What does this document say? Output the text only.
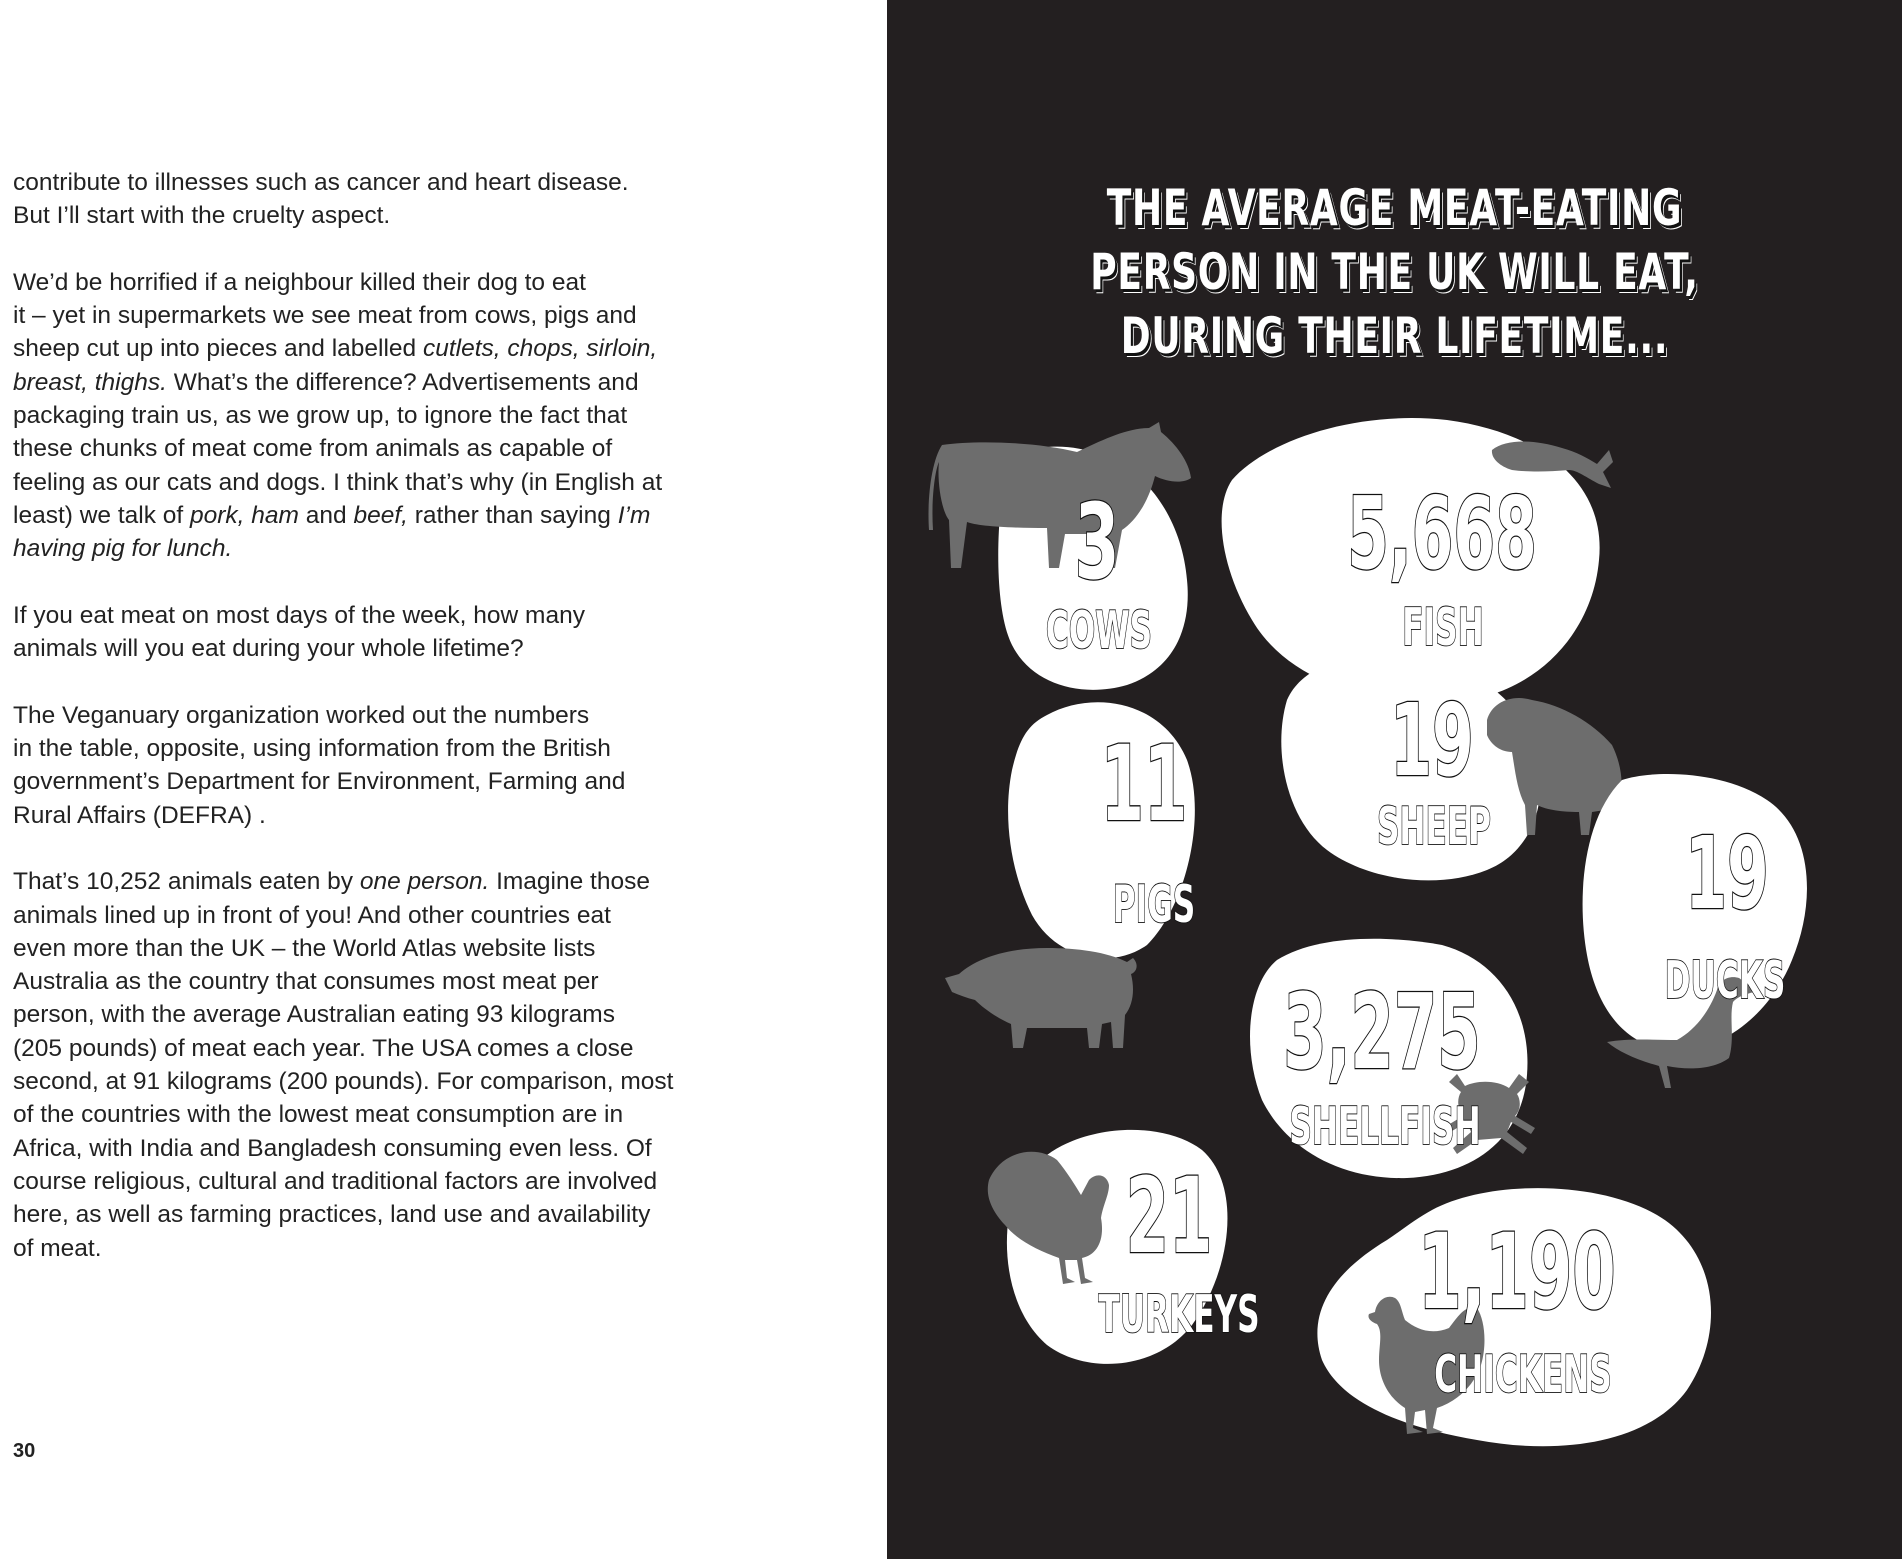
contribute to illnesses such as cancer and heart disease.
But I’ll start with the cruelty aspect.

We’d be horrified if a neighbour killed their dog to eat
it – yet in supermarkets we see meat from cows, pigs and
sheep cut up into pieces and labelled cutlets, chops, sirloin,
breast, thighs. What’s the difference? Advertisements and
packaging train us, as we grow up, to ignore the fact that
these chunks of meat come from animals as capable of
feeling as our cats and dogs. I think that’s why (in English at
least) we talk of pork, ham and beef, rather than saying I’m
having pig for lunch.

If you eat meat on most days of the week, how many
animals will you eat during your whole lifetime?

The Veganuary organization worked out the numbers
in the table, opposite, using information from the British
government’s Department for Environment, Farming and
Rural Affairs (DEFRA) .

That’s 10,252 animals eaten by one person. Imagine those
animals lined up in front of you! And other countries eat
even more than the UK – the World Atlas website lists
Australia as the country that consumes most meat per
person, with the average Australian eating 93 kilograms
(205 pounds) of meat each year. The USA comes a close
second, at 91 kilograms (200 pounds). For comparison, most
of the countries with the lowest meat consumption are in
Africa, with India and Bangladesh consuming even less. Of
course religious, cultural and traditional factors are involved
here, as well as farming practices, land use and availability
of meat.

30
THE AVERAGE MEAT-EATING
PERSON IN THE UK WILL EAT,
DURING THEIR LIFETIME...
3
COWS
5,668
FISH
19
SHEEP
11
PIGS	19
DUCKS
3,275
SHELLFISH
21
TURKEYS 1,190
CHICKENS
